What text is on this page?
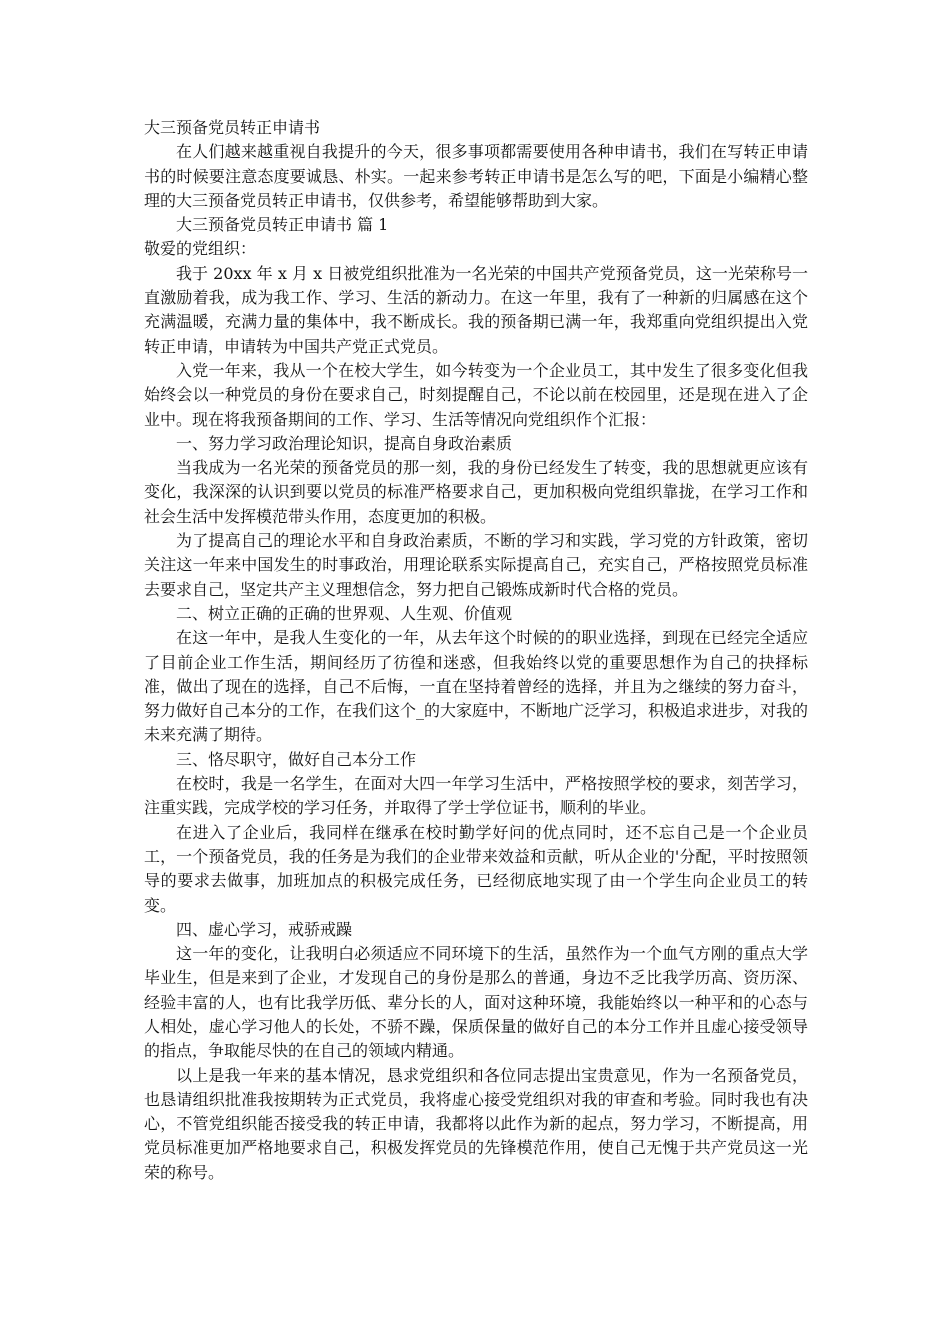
大三预备党员转正申请书

在人们越来越重视自我提升的今天，很多事项都需要使用各种申请书，我们在写转正申请书的时候要注意态度要诚恳、朴实。一起来参考转正申请书是怎么写的吧，下面是小编精心整理的大三预备党员转正申请书，仅供参考，希望能够帮助到大家。

大三预备党员转正申请书 篇 1

敬爱的党组织：

我于 20xx 年 x 月 x 日被党组织批准为一名光荣的中国共产党预备党员，这一光荣称号一直激励着我，成为我工作、学习、生活的新动力。在这一年里，我有了一种新的归属感在这个充满温暖，充满力量的集体中，我不断成长。我的预备期已满一年，我郑重向党组织提出入党转正申请，申请转为中国共产党正式党员。

入党一年来，我从一个在校大学生，如今转变为一个企业员工，其中发生了很多变化但我始终会以一种党员的身份在要求自己，时刻提醒自己，不论以前在校园里，还是现在进入了企业中。现在将我预备期间的工作、学习、生活等情况向党组织作个汇报：

一、努力学习政治理论知识，提高自身政治素质

当我成为一名光荣的预备党员的那一刻，我的身份已经发生了转变，我的思想就更应该有变化，我深深的认识到要以党员的标准严格要求自己，更加积极向党组织靠拢，在学习工作和社会生活中发挥模范带头作用，态度更加的积极。

为了提高自己的理论水平和自身政治素质，不断的学习和实践，学习党的方针政策，密切关注这一年来中国发生的时事政治，用理论联系实际提高自己，充实自己，严格按照党员标准去要求自己，坚定共产主义理想信念，努力把自己锻炼成新时代合格的党员。

二、树立正确的正确的世界观、人生观、价值观

在这一年中，是我人生变化的一年，从去年这个时候的的职业选择，到现在已经完全适应了目前企业工作生活，期间经历了彷徨和迷惑，但我始终以党的重要思想作为自己的抉择标准，做出了现在的选择，自己不后悔，一直在坚持着曾经的选择，并且为之继续的努力奋斗，努力做好自己本分的工作，在我们这个_的大家庭中，不断地广泛学习，积极追求进步，对我的未来充满了期待。

三、恪尽职守，做好自己本分工作

在校时，我是一名学生，在面对大四一年学习生活中，严格按照学校的要求，刻苦学习，注重实践，完成学校的学习任务，并取得了学士学位证书，顺利的毕业。

在进入了企业后，我同样在继承在校时勤学好问的优点同时，还不忘自己是一个企业员工，一个预备党员，我的任务是为我们的企业带来效益和贡献，听从企业的'分配，平时按照领导的要求去做事，加班加点的积极完成任务，已经彻底地实现了由一个学生向企业员工的转变。

四、虚心学习，戒骄戒躁

这一年的变化，让我明白必须适应不同环境下的生活，虽然作为一个血气方刚的重点大学毕业生，但是来到了企业，才发现自己的身份是那么的普通，身边不乏比我学历高、资历深、经验丰富的人，也有比我学历低、辈分长的人，面对这种环境，我能始终以一种平和的心态与人相处，虚心学习他人的长处，不骄不躁，保质保量的做好自己的本分工作并且虚心接受领导的指点，争取能尽快的在自己的领域内精通。

以上是我一年来的基本情况，恳求党组织和各位同志提出宝贵意见，作为一名预备党员，也恳请组织批准我按期转为正式党员，我将虚心接受党组织对我的审查和考验。同时我也有决心，不管党组织能否接受我的转正申请，我都将以此作为新的起点，努力学习，不断提高，用党员标准更加严格地要求自己，积极发挥党员的先锋模范作用，使自己无愧于共产党员这一光荣的称号。
